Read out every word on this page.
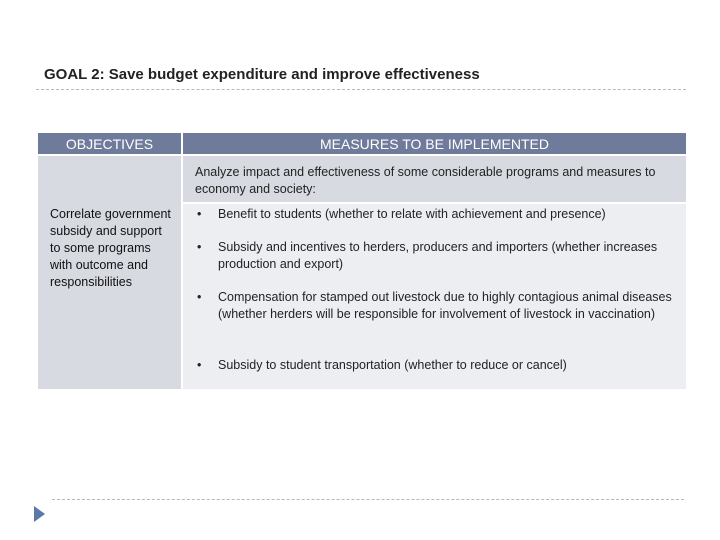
GOAL 2: Save budget expenditure and improve effectiveness
OBJECTIVES	MEASURES TO BE IMPLEMENTED
Correlate government subsidy and support to some programs with outcome and responsibilities
Analyze impact and effectiveness of some considerable programs and measures to economy and society:
• Benefit to students (whether to relate with achievement and presence)
• Subsidy and incentives to herders, producers and importers (whether increases production and export)
• Compensation for stamped out livestock due to highly contagious animal diseases (whether herders will be responsible for involvement of livestock in vaccination)
• Subsidy to student transportation (whether to reduce or cancel)
